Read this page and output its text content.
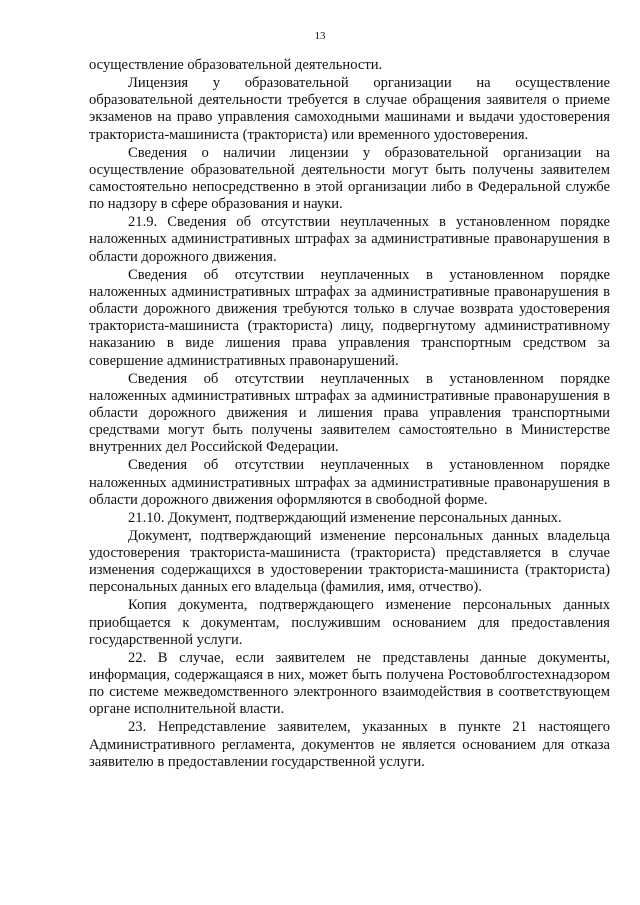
13

осуществление образовательной деятельности.

Лицензия у образовательной организации на осуществление образовательной деятельности требуется в случае обращения заявителя о приеме экзаменов на право управления самоходными машинами и выдачи удостоверения тракториста-машиниста (тракториста) или временного удостоверения.

Сведения о наличии лицензии у образовательной организации на осуществление образовательной деятельности могут быть получены заявителем самостоятельно непосредственно в этой организации либо в Федеральной службе по надзору в сфере образования и науки.

21.9. Сведения об отсутствии неуплаченных в установленном порядке наложенных административных штрафах за административные правонарушения в области дорожного движения.

Сведения об отсутствии неуплаченных в установленном порядке наложенных административных штрафах за административные правонарушения в области дорожного движения требуются только в случае возврата удостоверения тракториста-машиниста (тракториста) лицу, подвергнутому административному наказанию в виде лишения права управления транспортным средством за совершение административных правонарушений.

Сведения об отсутствии неуплаченных в установленном порядке наложенных административных штрафах за административные правонарушения в области дорожного движения и лишения права управления транспортными средствами могут быть получены заявителем самостоятельно в Министерстве внутренних дел Российской Федерации.

Сведения об отсутствии неуплаченных в установленном порядке наложенных административных штрафах за административные правонарушения в области дорожного движения оформляются в свободной форме.

21.10. Документ, подтверждающий изменение персональных данных.

Документ, подтверждающий изменение персональных данных владельца удостоверения тракториста-машиниста (тракториста) представляется в случае изменения содержащихся в удостоверении тракториста-машиниста (тракториста) персональных данных его владельца (фамилия, имя, отчество).

Копия документа, подтверждающего изменение персональных данных приобщается к документам, послужившим основанием для предоставления государственной услуги.

22. В случае, если заявителем не представлены данные документы, информация, содержащаяся в них, может быть получена Ростовоблгостехнадзором по системе межведомственного электронного взаимодействия в соответствующем органе исполнительной власти.

23. Непредставление заявителем, указанных в пункте 21 настоящего Административного регламента, документов не является основанием для отказа заявителю в предоставлении государственной услуги.
